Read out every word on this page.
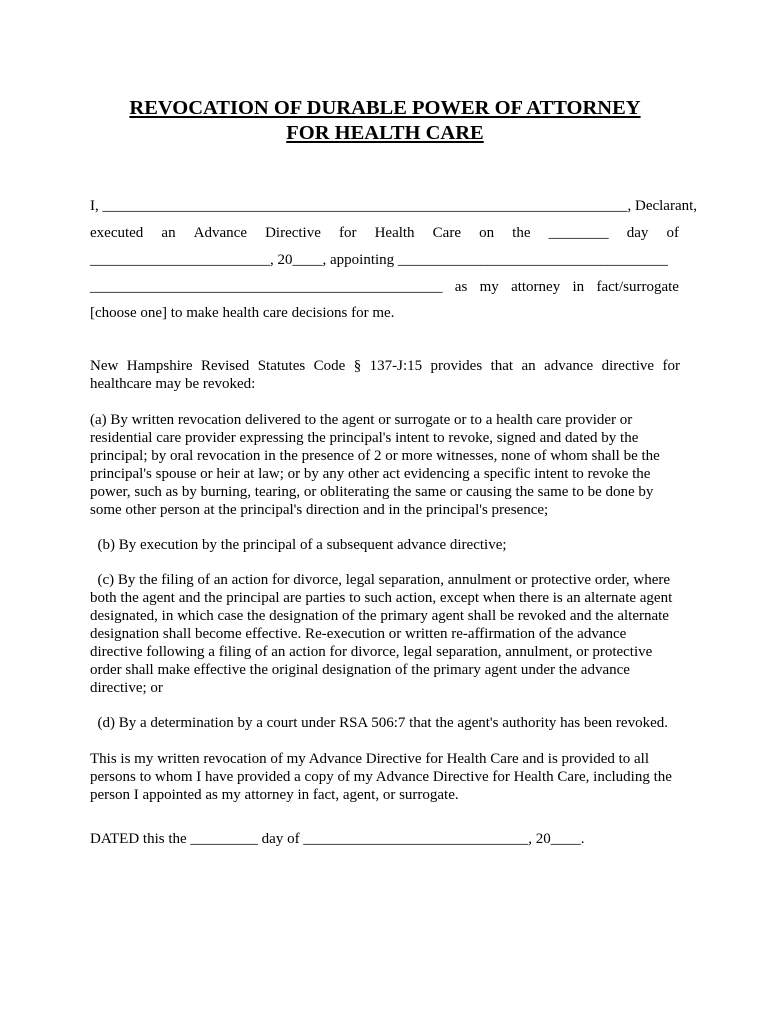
REVOCATION OF DURABLE POWER OF ATTORNEY
FOR HEALTH CARE
I, ______________________________________________________________________, Declarant,
executed an Advance Directive for Health Care on the ________ day of
________________________, 20____, appointing ____________________________________
_______________________________________________ as my attorney in fact/surrogate
[choose one] to make health care decisions for me.
New Hampshire Revised Statutes Code § 137-J:15 provides that an advance directive for healthcare may be revoked:
(a) By written revocation delivered to the agent or surrogate or to a health care provider or residential care provider expressing the principal's intent to revoke, signed and dated by the principal; by oral revocation in the presence of 2 or more witnesses, none of whom shall be the principal's spouse or heir at law; or by any other act evidencing a specific intent to revoke the power, such as by burning, tearing, or obliterating the same or causing the same to be done by some other person at the principal's direction and in the principal's presence;
(b) By execution by the principal of a subsequent advance directive;
(c) By the filing of an action for divorce, legal separation, annulment or protective order, where both the agent and the principal are parties to such action, except when there is an alternate agent designated, in which case the designation of the primary agent shall be revoked and the alternate designation shall become effective. Re-execution or written re-affirmation of the advance directive following a filing of an action for divorce, legal separation, annulment, or protective order shall make effective the original designation of the primary agent under the advance directive; or
(d) By a determination by a court under RSA 506:7 that the agent's authority has been revoked.
This is my written revocation of my Advance Directive for Health Care and is provided to all persons to whom I have provided a copy of my Advance Directive for Health Care, including the person I appointed as my attorney in fact, agent, or surrogate.
DATED this the _________ day of ______________________________, 20____.
